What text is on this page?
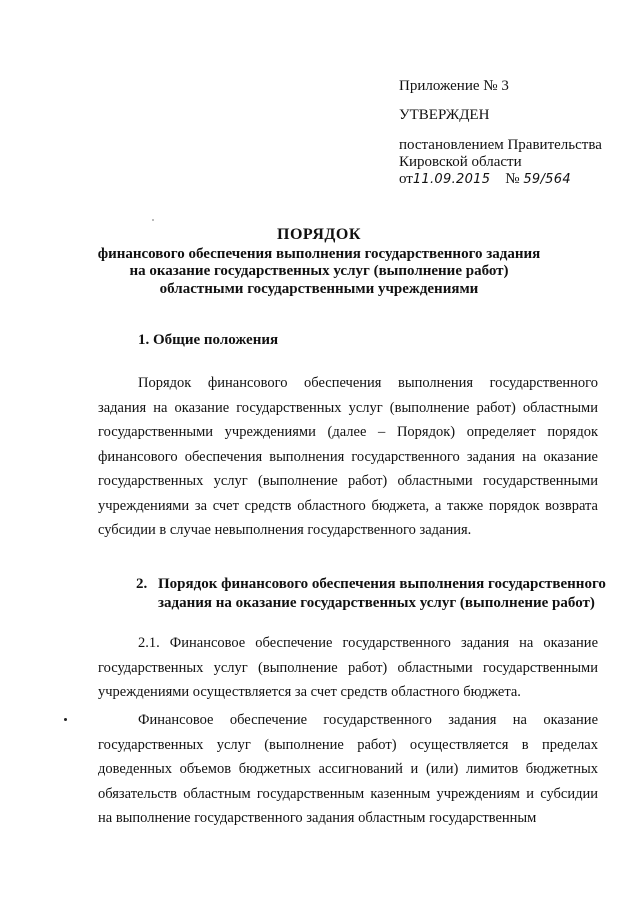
Приложение № 3
УТВЕРЖДЕН
постановлением Правительства
Кировской области
от11.09.2015 № 59/564
ПОРЯДОК
финансового обеспечения выполнения государственного задания
на оказание государственных услуг (выполнение работ)
областными государственными учреждениями
1. Общие положения
Порядок финансового обеспечения выполнения государственного задания на оказание государственных услуг (выполнение работ) областными государственными учреждениями (далее – Порядок) определяет порядок финансового обеспечения выполнения государственного задания на оказание государственных услуг (выполнение работ) областными государственными учреждениями за счет средств областного бюджета, а также порядок возврата субсидии в случае невыполнения государственного задания.
2. Порядок финансового обеспечения выполнения государственного
задания на оказание государственных услуг (выполнение работ)
2.1. Финансовое обеспечение государственного задания на оказание государственных услуг (выполнение работ) областными государственными учреждениями осуществляется за счет средств областного бюджета.
Финансовое обеспечение государственного задания на оказание государственных услуг (выполнение работ) осуществляется в пределах доведенных объемов бюджетных ассигнований и (или) лимитов бюджетных обязательств областным государственным казенным учреждениям и субсидии на выполнение государственного задания областным государственным
